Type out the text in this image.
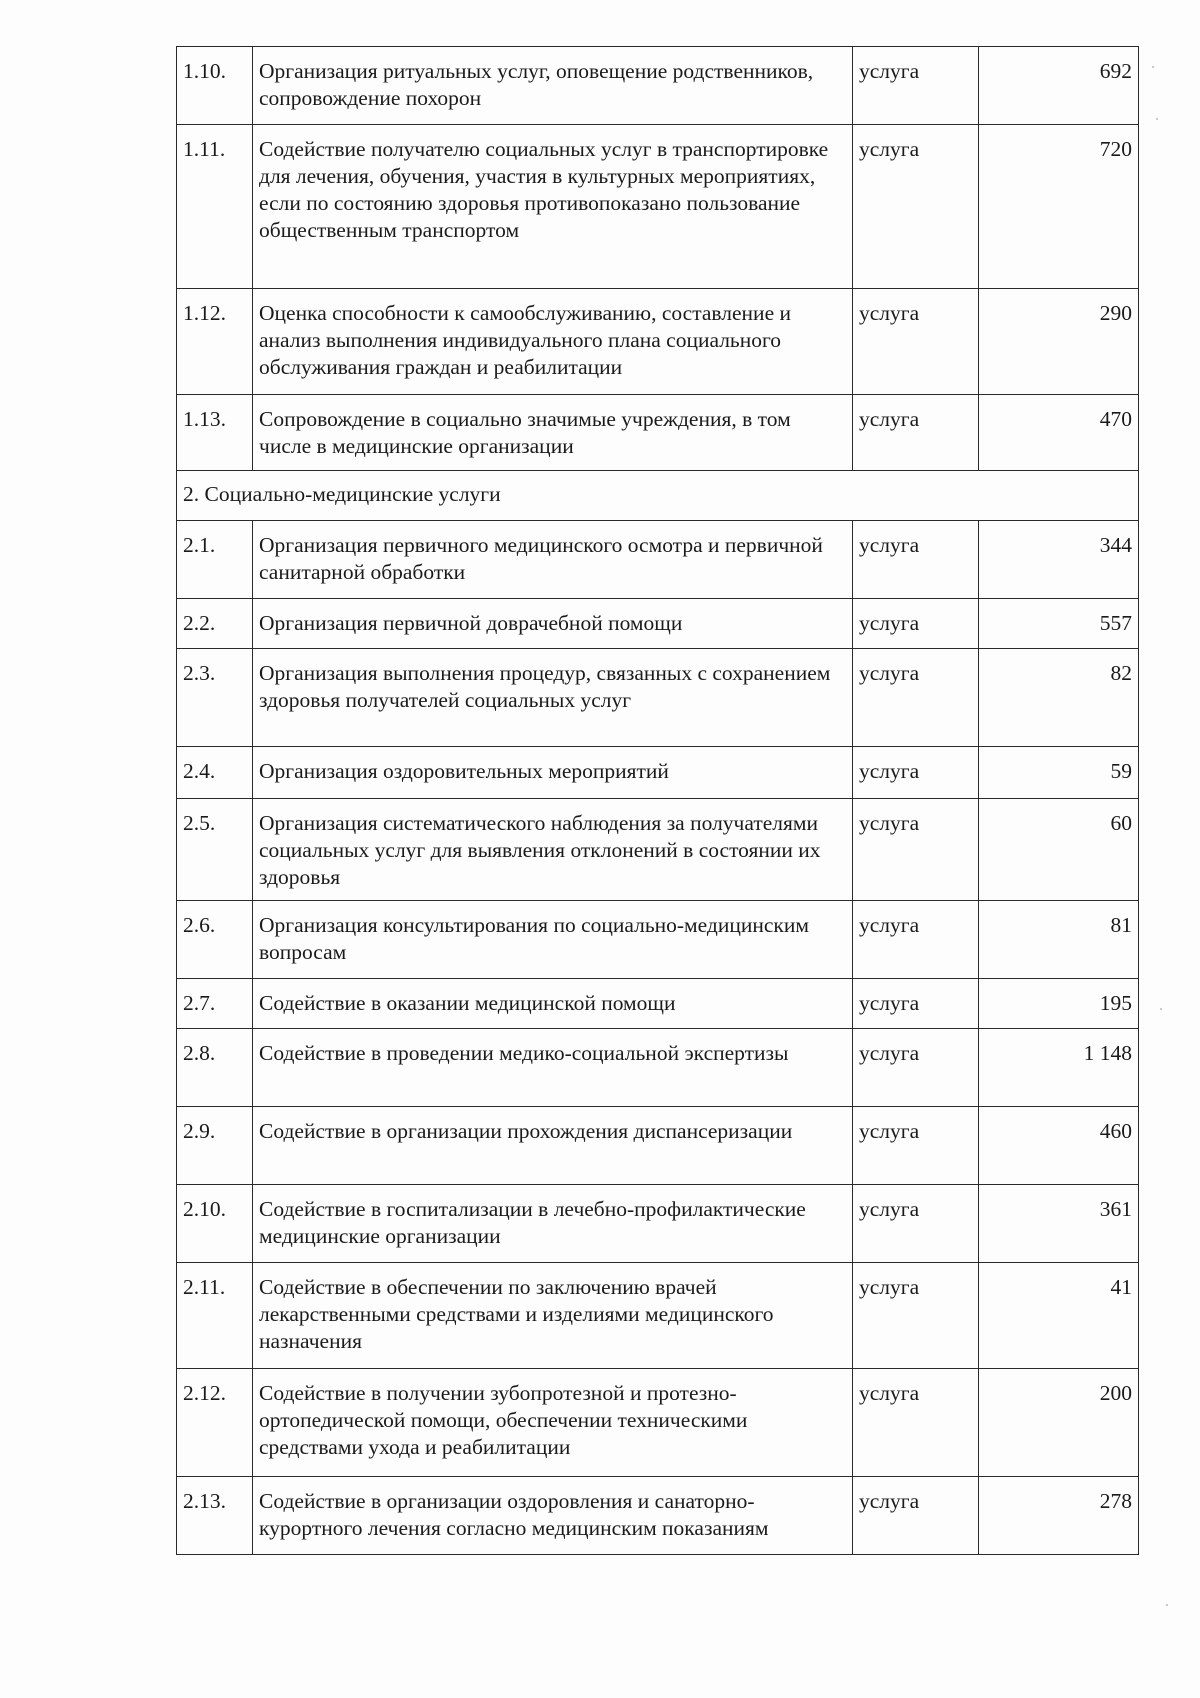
1.10.	Организация ритуальных услуг, оповещение родственников, сопровождение похорон	услуга	692
1.11.	Содействие получателю социальных услуг в транспортировке для лечения, обучения, участия в культурных мероприятиях, если по состоянию здоровья противопоказано пользование общественным транспортом	услуга	720
1.12.	Оценка способности к самообслуживанию, составление и анализ выполнения индивидуального плана социального обслуживания граждан и реабилитации	услуга	290
1.13.	Сопровождение в социально значимые учреждения, в том числе в медицинские организации	услуга	470
2. Социально-медицинские услуги			
2.1.	Организация первичного медицинского осмотра и первичной санитарной обработки	услуга	344
2.2.	Организация первичной доврачебной помощи	услуга	557
2.3.	Организация выполнения процедур, связанных с сохранением здоровья получателей социальных услуг	услуга	82
2.4.	Организация оздоровительных мероприятий	услуга	59
2.5.	Организация систематического наблюдения за получателями социальных услуг для выявления отклонений в состоянии их здоровья	услуга	60
2.6.	Организация консультирования по социально-медицинским вопросам	услуга	81
2.7.	Содействие в оказании медицинской помощи	услуга	195
2.8.	Содействие в проведении медико-социальной экспертизы	услуга	1 148
2.9.	Содействие в организации прохождения диспансеризации	услуга	460
2.10.	Содействие в госпитализации в лечебно-профилактические медицинские организации	услуга	361
2.11.	Содействие в обеспечении по заключению врачей лекарственными средствами и изделиями медицинского назначения	услуга	41
2.12.	Содействие в получении зубопротезной и протезно-ортопедической помощи, обеспечении техническими средствами ухода и реабилитации	услуга	200
2.13.	Содействие в организации оздоровления и санаторно-курортного лечения согласно медицинским показаниям	услуга	278
